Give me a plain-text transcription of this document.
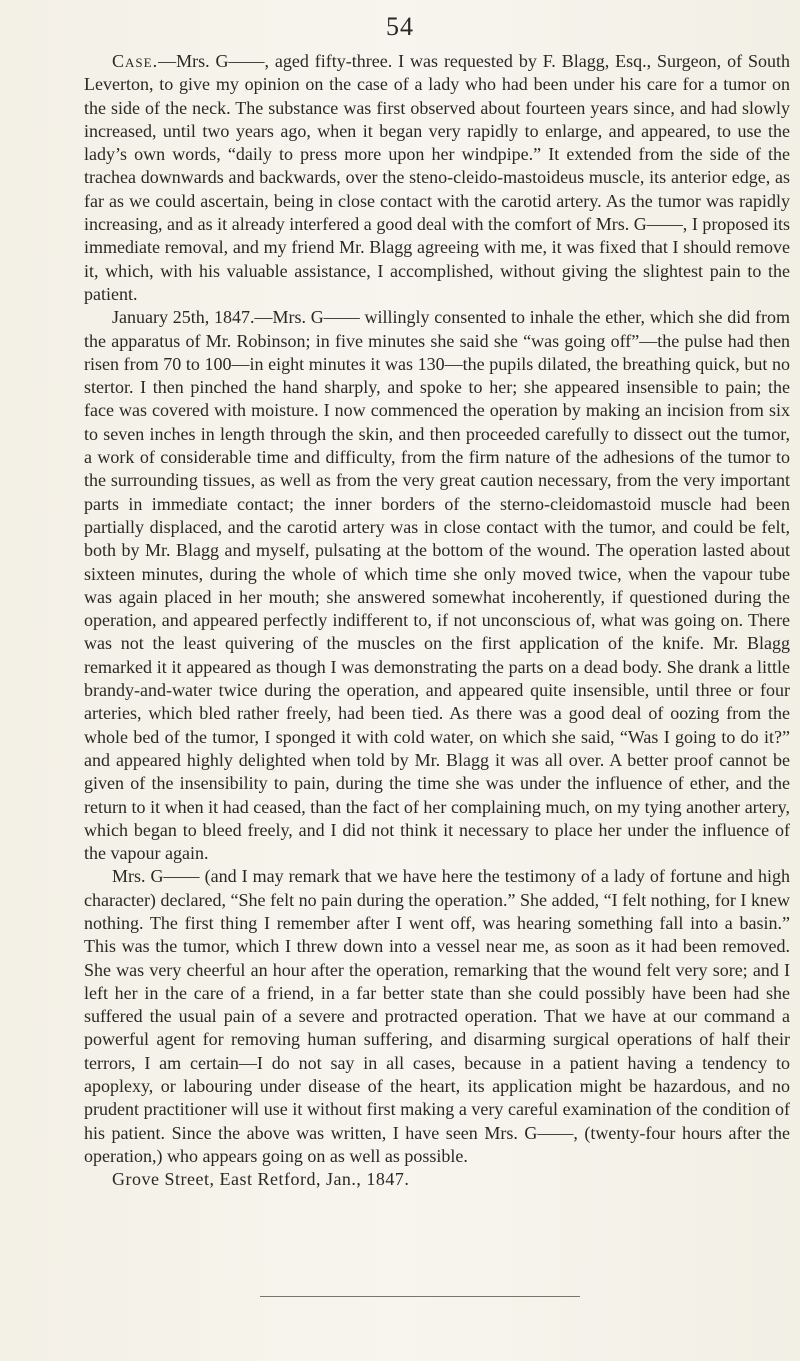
54

Case.—Mrs. G——, aged fifty-three. I was requested by F. Blagg, Esq., Surgeon, of South Leverton, to give my opinion on the case of a lady who had been under his care for a tumor on the side of the neck. The substance was first observed about fourteen years since, and had slowly increased, until two years ago, when it began very rapidly to enlarge, and appeared, to use the lady’s own words, “daily to press more upon her windpipe.” It extended from the side of the trachea downwards and backwards, over the steno-cleido-mastoideus muscle, its anterior edge, as far as we could ascertain, being in close contact with the carotid artery. As the tumor was rapidly increasing, and as it already interfered a good deal with the comfort of Mrs. G——, I proposed its immediate removal, and my friend Mr. Blagg agreeing with me, it was fixed that I should remove it, which, with his valuable assistance, I accomplished, without giving the slightest pain to the patient.

January 25th, 1847.—Mrs. G—— willingly consented to inhale the ether, which she did from the apparatus of Mr. Robinson; in five minutes she said she “was going off”—the pulse had then risen from 70 to 100—in eight minutes it was 130—the pupils dilated, the breathing quick, but no stertor. I then pinched the hand sharply, and spoke to her; she appeared insensible to pain; the face was covered with moisture. I now commenced the operation by making an incision from six to seven inches in length through the skin, and then proceeded carefully to dissect out the tumor, a work of considerable time and difficulty, from the firm nature of the adhesions of the tumor to the surrounding tissues, as well as from the very great caution necessary, from the very important parts in immediate contact; the inner borders of the sterno-cleidomastoid muscle had been partially displaced, and the carotid artery was in close contact with the tumor, and could be felt, both by Mr. Blagg and myself, pulsating at the bottom of the wound. The operation lasted about sixteen minutes, during the whole of which time she only moved twice, when the vapour tube was again placed in her mouth; she answered somewhat incoherently, if questioned during the operation, and appeared perfectly indifferent to, if not unconscious of, what was going on. There was not the least quivering of the muscles on the first application of the knife. Mr. Blagg remarked it it appeared as though I was demonstrating the parts on a dead body. She drank a little brandy-and-water twice during the operation, and appeared quite insensible, until three or four arteries, which bled rather freely, had been tied. As there was a good deal of oozing from the whole bed of the tumor, I sponged it with cold water, on which she said, “Was I going to do it?” and appeared highly delighted when told by Mr. Blagg it was all over. A better proof cannot be given of the insensibility to pain, during the time she was under the influence of ether, and the return to it when it had ceased, than the fact of her complaining much, on my tying another artery, which began to bleed freely, and I did not think it necessary to place her under the influence of the vapour again.

Mrs. G—— (and I may remark that we have here the testimony of a lady of fortune and high character) declared, “She felt no pain during the operation.” She added, “I felt nothing, for I knew nothing. The first thing I remember after I went off, was hearing something fall into a basin.” This was the tumor, which I threw down into a vessel near me, as soon as it had been removed. She was very cheerful an hour after the operation, remarking that the wound felt very sore; and I left her in the care of a friend, in a far better state than she could possibly have been had she suffered the usual pain of a severe and protracted operation. That we have at our command a powerful agent for removing human suffering, and disarming surgical operations of half their terrors, I am certain—I do not say in all cases, because in a patient having a tendency to apoplexy, or labouring under disease of the heart, its application might be hazardous, and no prudent practitioner will use it without first making a very careful examination of the condition of his patient. Since the above was written, I have seen Mrs. G——, (twenty-four hours after the operation,) who appears going on as well as possible.

Grove Street, East Retford, Jan., 1847.
